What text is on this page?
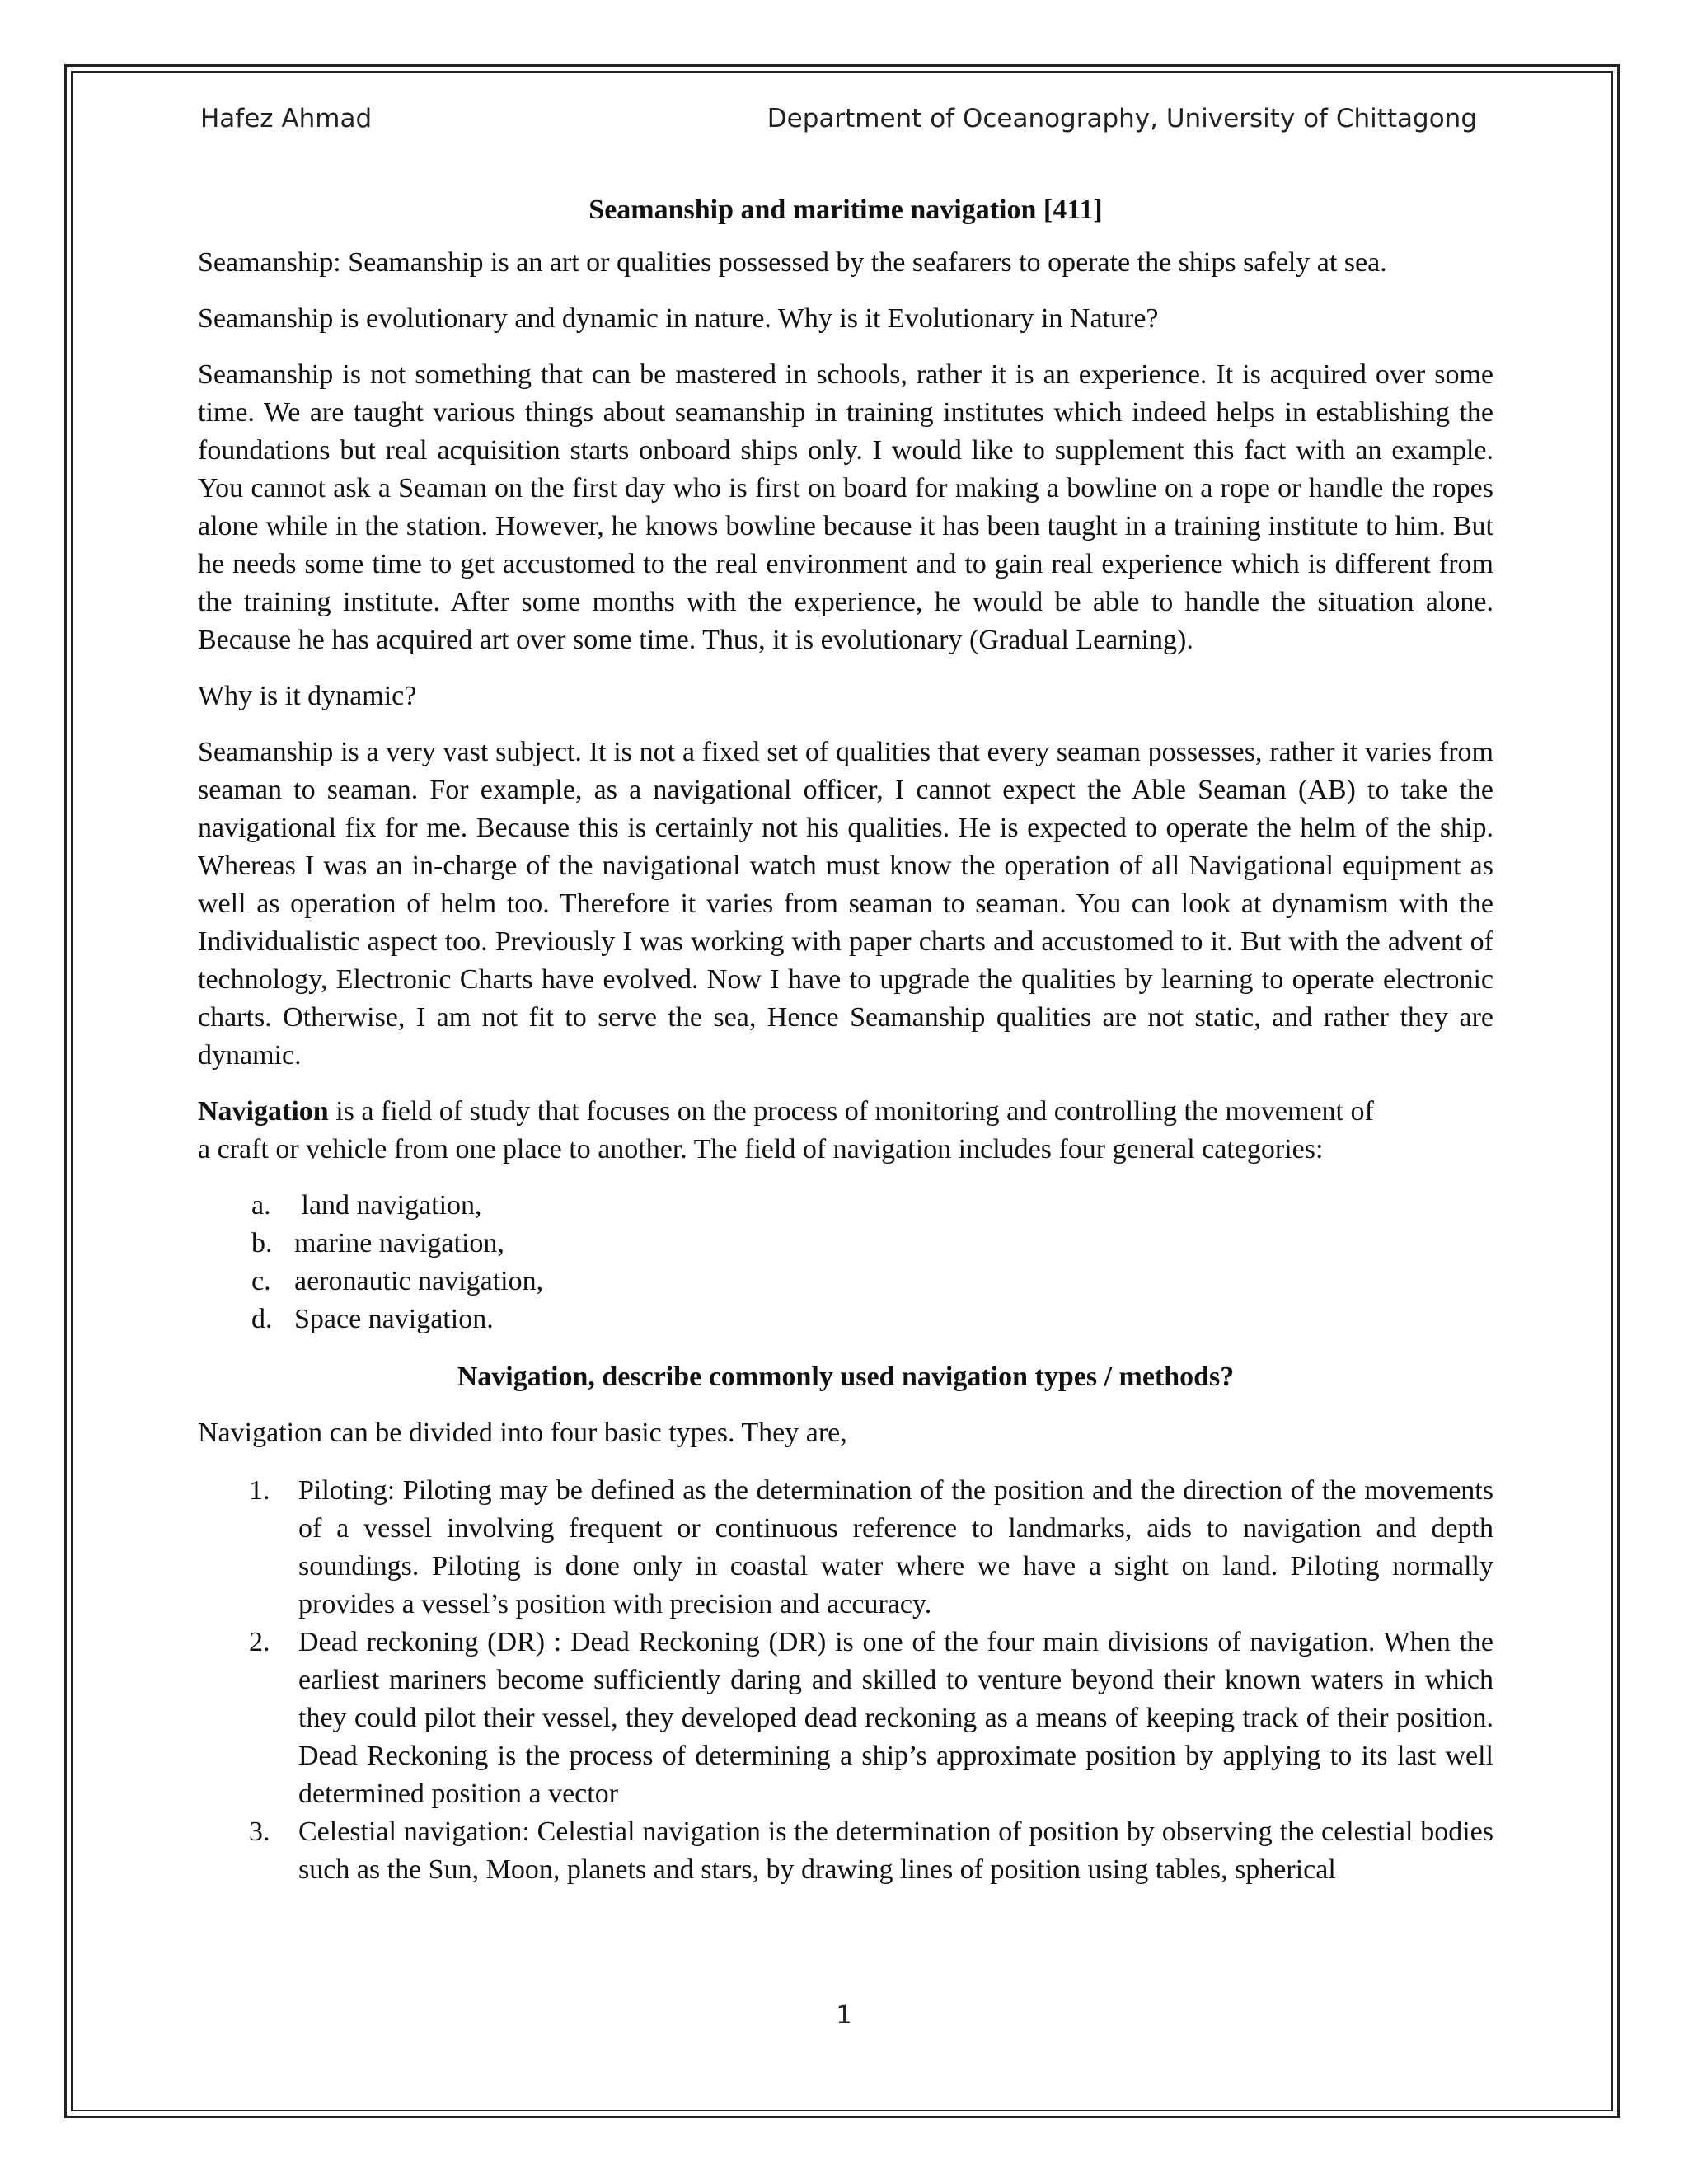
Hafez Ahmad	Department of Oceanography, University of Chittagong
Seamanship and maritime navigation [411]

Seamanship: Seamanship is an art or qualities possessed by the seafarers to operate the ships safely at sea.

Seamanship is evolutionary and dynamic in nature. Why is it Evolutionary in Nature?

Seamanship is not something that can be mastered in schools, rather it is an experience. It is acquired over some time. We are taught various things about seamanship in training institutes which indeed helps in establishing the foundations but real acquisition starts onboard ships only. I would like to supplement this fact with an example. You cannot ask a Seaman on the first day who is first on board for making a bowline on a rope or handle the ropes alone while in the station. However, he knows bowline because it has been taught in a training institute to him. But he needs some time to get accustomed to the real environment and to gain real experience which is different from the training institute. After some months with the experience, he would be able to handle the situation alone. Because he has acquired art over some time. Thus, it is evolutionary (Gradual Learning).

Why is it dynamic?

Seamanship is a very vast subject. It is not a fixed set of qualities that every seaman possesses, rather it varies from seaman to seaman. For example, as a navigational officer, I cannot expect the Able Seaman (AB) to take the navigational fix for me. Because this is certainly not his qualities. He is expected to operate the helm of the ship. Whereas I was an in-charge of the navigational watch must know the operation of all Navigational equipment as well as operation of helm too. Therefore it varies from seaman to seaman. You can look at dynamism with the Individualistic aspect too. Previously I was working with paper charts and accustomed to it. But with the advent of technology, Electronic Charts have evolved. Now I have to upgrade the qualities by learning to operate electronic charts. Otherwise, I am not fit to serve the sea, Hence Seamanship qualities are not static, and rather they are dynamic.

Navigation is a field of study that focuses on the process of monitoring and controlling the movement of
a craft or vehicle from one place to another. The field of navigation includes four general categories:

a. land navigation,
b. marine navigation,
c. aeronautic navigation,
d. Space navigation.
Navigation, describe commonly used navigation types / methods?

Navigation can be divided into four basic types. They are,

1.	Piloting: Piloting may be defined as the determination of the position and the direction of the movements of a vessel involving frequent or continuous reference to landmarks, aids to navigation and depth soundings. Piloting is done only in coastal water where we have a sight on land. Piloting normally provides a vessel’s position with precision and accuracy.
2.	Dead reckoning (DR) : Dead Reckoning (DR) is one of the four main divisions of navigation. When the earliest mariners become sufficiently daring and skilled to venture beyond their known waters in which they could pilot their vessel, they developed dead reckoning as a means of keeping track of their position. Dead Reckoning is the process of determining a ship’s approximate position by applying to its last well determined position a vector
3.	Celestial navigation: Celestial navigation is the determination of position by observing the celestial bodies such as the Sun, Moon, planets and stars, by drawing lines of position using tables, spherical
1
